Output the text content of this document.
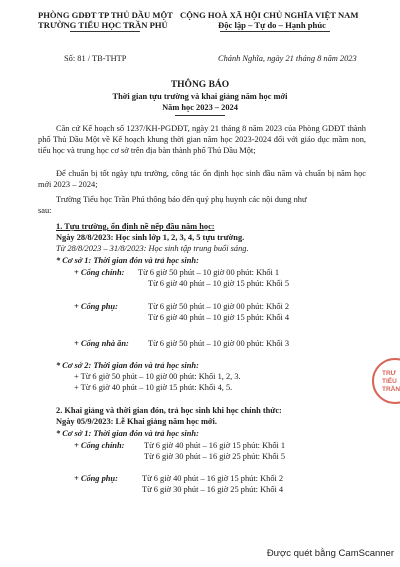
PHÒNG GDĐT TP THỦ DẦU MỘT
TRƯỜNG TIỂU HỌC TRẦN PHÚ
CỘNG HOÀ XÃ HỘI CHỦ NGHĨA VIỆT NAM
Độc lập – Tự do – Hạnh phúc
Số: 81 / TB-THTP	Chánh Nghĩa, ngày 21 tháng 8 năm 2023
THÔNG BÁO
Thời gian tựu trường và khai giảng năm học mới
Năm học 2023 – 2024
Căn cứ Kế hoạch số 1237/KH-PGDĐT, ngày 21 tháng 8 năm 2023 của Phòng GDĐT thành phố Thủ Dầu Một về Kế hoạch khung thời gian năm học 2023-2024 đối với giáo dục mầm non, tiểu học và trung học cơ sở trên địa bàn thành phố Thủ Dầu Một;
Để chuẩn bị tốt ngày tựu trường, công tác ổn định học sinh đầu năm và chuẩn bị năm học mới 2023 – 2024;
Trường Tiểu học Trần Phú thông báo đến quý phụ huynh các nội dung như
sau:
1. Tựu trường, ổn định nề nếp đầu năm học:
Ngày 28/8/2023: Học sinh lớp 1, 2, 3, 4, 5 tựu trường.
Từ 28/8/2023 – 31/8/2023: Học sinh tập trung buổi sáng.
* Cơ sở 1: Thời gian đón và trả học sinh:
+ Cổng chính: Từ 6 giờ 50 phút – 10 giờ 00 phút: Khối 1
Từ 6 giờ 40 phút – 10 giờ 15 phút: Khối 5
+ Cổng phụ:	Từ 6 giờ 50 phút – 10 giờ 00 phút: Khối 2
Từ 6 giờ 40 phút – 10 giờ 15 phút: Khối 4
+ Cổng nhà ăn: Từ 6 giờ 50 phút – 10 giờ 00 phút: Khối 3
* Cơ sở 2: Thời gian đón và trả học sinh:
+ Từ 6 giờ 50 phút – 10 giờ 00 phút: Khối 1, 2, 3.
+ Từ 6 giờ 40 phút – 10 giờ 15 phút: Khối 4, 5.
2. Khai giảng và thời gian đón, trả học sinh khi học chính thức:
Ngày 05/9/2023: Lễ Khai giảng năm học mới.
* Cơ sở 1: Thời gian đón và trả học sinh:
+ Cổng chính: Từ 6 giờ 40 phút – 16 giờ 15 phút: Khối 1
Từ 6 giờ 30 phút – 16 giờ 25 phút: Khối 5
+ Cổng phụ:	Từ 6 giờ 40 phút – 16 giờ 15 phút: Khối 2
Từ 6 giờ 30 phút – 16 giờ 25 phút: Khối 4
TRƯ
TIỂU
TRẦN
Được quét bằng CamScanner
